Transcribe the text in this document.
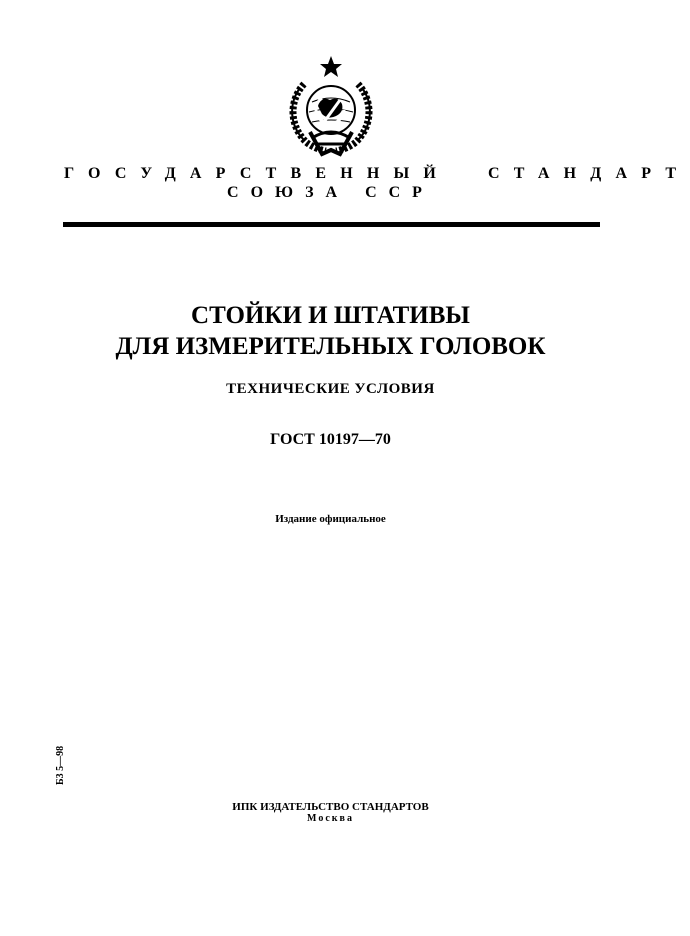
ГОСУДАРСТВЕННЫЙ СТАНДАРТ
СОЮЗА ССР
СТОЙКИ И ШТАТИВЫ
ДЛЯ ИЗМЕРИТЕЛЬНЫХ ГОЛОВОК
ТЕХНИЧЕСКИЕ УСЛОВИЯ
ГОСТ 10197—70
Издание официальное
Б3 5—98
ИПК ИЗДАТЕЛЬСТВО СТАНДАРТОВ
Москва
